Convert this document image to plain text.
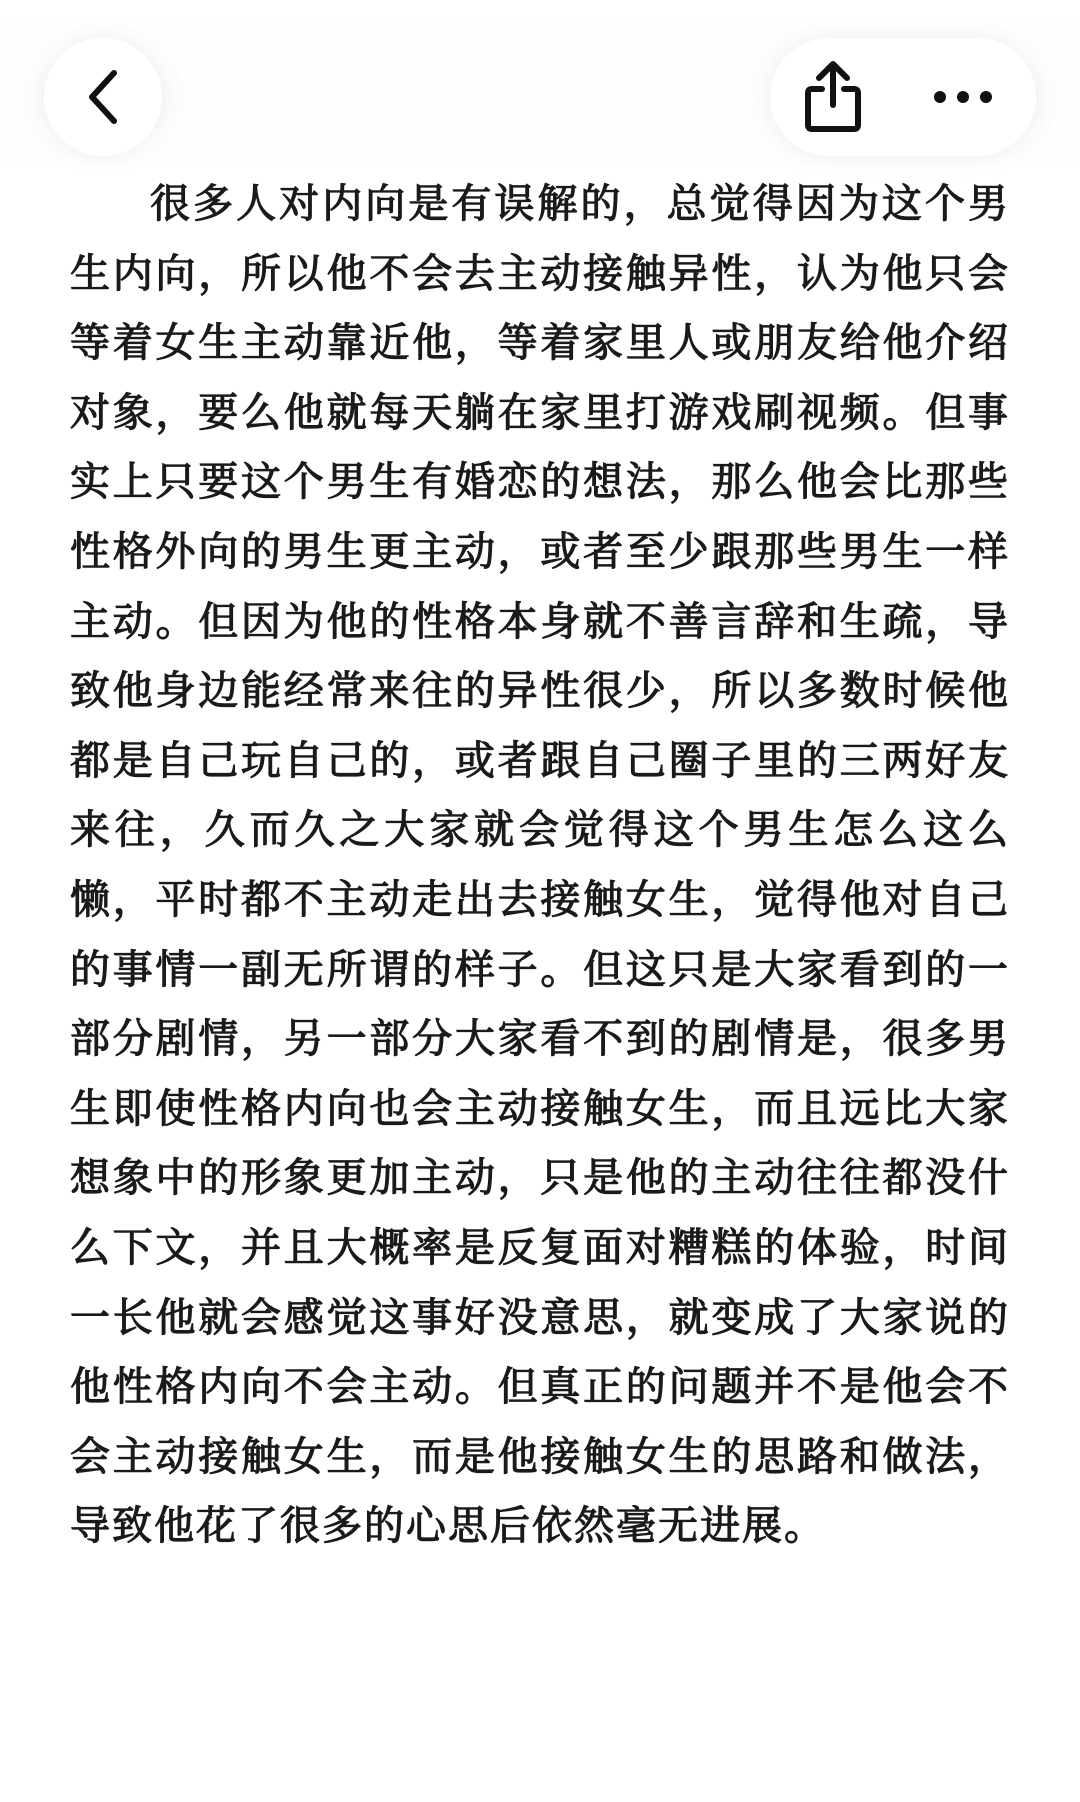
很多人对内向是有误解的，总觉得因为这个男生内向，所以他不会去主动接触异性，认为他只会等着女生主动靠近他，等着家里人或朋友给他介绍对象，要么他就每天躺在家里打游戏刷视频。但事实上只要这个男生有婚恋的想法，那么他会比那些性格外向的男生更主动，或者至少跟那些男生一样主动。但因为他的性格本身就不善言辞和生疏，导致他身边能经常来往的异性很少，所以多数时候他都是自己玩自己的，或者跟自己圈子里的三两好友来往，久而久之大家就会觉得这个男生怎么这么懒，平时都不主动走出去接触女生，觉得他对自己的事情一副无所谓的样子。但这只是大家看到的一部分剧情，另一部分大家看不到的剧情是，很多男生即使性格内向也会主动接触女生，而且远比大家想象中的形象更加主动，只是他的主动往往都没什么下文，并且大概率是反复面对糟糕的体验，时间一长他就会感觉这事好没意思，就变成了大家说的他性格内向不会主动。但真正的问题并不是他会不会主动接触女生，而是他接触女生的思路和做法，导致他花了很多的心思后依然毫无进展。
